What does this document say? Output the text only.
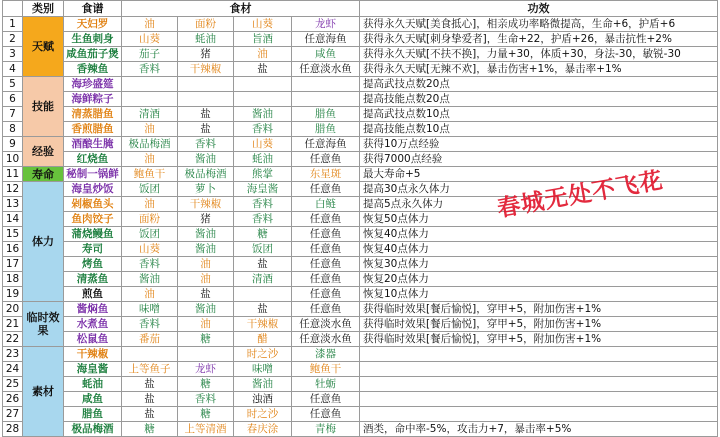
	类别	食谱	食材				功效
1	天赋	天妇罗	油	面粉	山葵	龙虾	获得永久天赋[美食抵心]，相亲成功率略微提高，生命+6，护盾+6
2		生鱼刺身	山葵	蚝油	旨酒	任意海鱼	获得永久天赋[刺身挚爱者]，生命+22，护盾+26，暴击抗性+2%
3		咸鱼茄子煲	茄子	猪	油	咸鱼	获得永久天赋[不扶不换]，力量+30，体质+30，身法-30，敏锐-30
4		香辣鱼	香料	干辣椒	盐	任意淡水鱼	获得永久天赋[无辣不欢]，暴击伤害+1%，暴击率+1%
5	技能	海珍盛筵					提高武技点数20点
6		海鲜粽子					提高技能点数20点
7		清蒸腊鱼	清酒	盐	酱油	腊鱼	提高武技点数10点
8		香煎腊鱼	油	盐	香料	腊鱼	提高技能点数10点
9	经验	酒酿生腌	极品梅酒	香料	山葵	任意海鱼	获得10万点经验
10		红烧鱼	油	酱油	蚝油	任意鱼	获得7000点经验
11	寿命	秘制一锅鲜	鲍鱼干	极品梅酒	熊掌	东星斑	最大寿命+5
12	体力	海皇炒饭	饭团	萝卜	海皇酱	任意鱼	提高30点永久体力
13		剁椒鱼头	油	干辣椒	香料	白鲢	提高5点永久体力
14		鱼肉饺子	面粉	猪	香料	任意鱼	恢复50点体力
15		蒲烧鳗鱼	饭团	酱油	糖	任意鱼	恢复40点体力
16		寿司	山葵	酱油	饭团	任意鱼	恢复40点体力
17		烤鱼	香料	油	盐	任意鱼	恢复30点体力
18		清蒸鱼	酱油	油	清酒	任意鱼	恢复20点体力
19		煎鱼	油	盐		任意鱼	恢复10点体力
20	临时效果	酱焖鱼	味噌	酱油	盐	任意鱼	获得临时效果[餐后愉悦]，穿甲+5，附加伤害+1%
21		水煮鱼	香料	油	干辣椒	任意淡水鱼	获得临时效果[餐后愉悦]，穿甲+5，附加伤害+1%
22		松鼠鱼	番茄	糖	醋	任意淡水鱼	获得临时效果[餐后愉悦]，穿甲+5，附加伤害+1%
23	素材	干辣椒			时之沙	漆器	
24		海皇酱	上等鱼子	龙虾	味噌	鲍鱼干	
25		蚝油	盐	糖	酱油	牡蛎	
26		咸鱼	盐	香料	浊酒	任意鱼	
27		腊鱼	盐	糖	时之沙	任意鱼	
28		极品梅酒	糖	上等清酒	春庆涂	青梅	酒类，命中率-5%，攻击力+7，暴击率+5%
春城无处不飞花
